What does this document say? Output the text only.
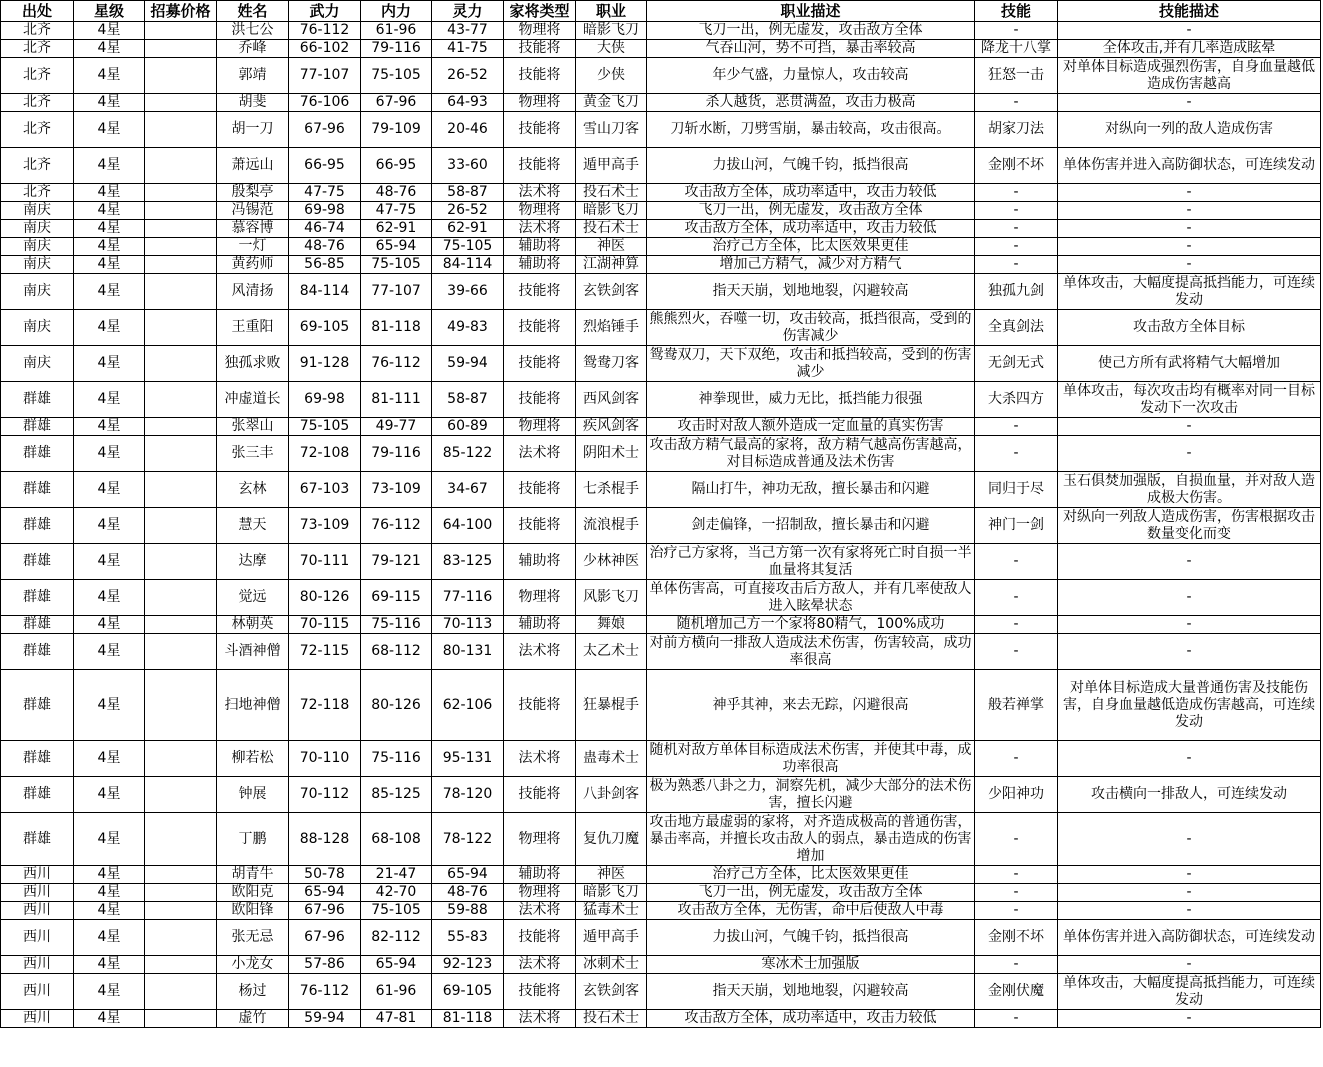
出处	星级	招募价格	姓名	武力	内力	灵力	家将类型	职业	职业描述	技能	技能描述
北齐	4星		洪七公	76-112	61-96	43-77	物理将	暗影飞刀	飞刀一出，例无虚发，攻击敌方全体	-	-
北齐	4星		乔峰	66-102	79-116	41-75	技能将	大侠	气吞山河，势不可挡，暴击率较高	降龙十八掌	全体攻击,并有几率造成眩晕
北齐	4星		郭靖	77-107	75-105	26-52	技能将	少侠	年少气盛，力量惊人，攻击较高	狂怒一击	对单体目标造成强烈伤害，自身血量越低造成伤害越高
北齐	4星		胡斐	76-106	67-96	64-93	物理将	黄金飞刀	杀人越货，恶贯满盈，攻击力极高	-	-
北齐	4星		胡一刀	67-96	79-109	20-46	技能将	雪山刀客	刀斩水断，刀劈雪崩，暴击较高，攻击很高。	胡家刀法	对纵向一列的敌人造成伤害
北齐	4星		萧远山	66-95	66-95	33-60	技能将	遁甲高手	力拔山河，气魄千钧，抵挡很高	金刚不坏	单体伤害并进入高防御状态，可连续发动
北齐	4星		殷梨亭	47-75	48-76	58-87	法术将	投石术士	攻击敌方全体，成功率适中，攻击力较低	-	-
南庆	4星		冯锡范	69-98	47-75	26-52	物理将	暗影飞刀	飞刀一出，例无虚发，攻击敌方全体	-	-
南庆	4星		慕容博	46-74	62-91	62-91	法术将	投石术士	攻击敌方全体，成功率适中，攻击力较低	-	-
南庆	4星		一灯	48-76	65-94	75-105	辅助将	神医	治疗己方全体，比太医效果更佳	-	-
南庆	4星		黄药师	56-85	75-105	84-114	辅助将	江湖神算	增加己方精气，减少对方精气	-	-
南庆	4星		风清扬	84-114	77-107	39-66	技能将	玄铁剑客	指天天崩，划地地裂，闪避较高	独孤九剑	单体攻击，大幅度提高抵挡能力，可连续发动
南庆	4星		王重阳	69-105	81-118	49-83	技能将	烈焰锤手	熊熊烈火，吞噬一切，攻击较高，抵挡很高，受到的伤害减少	全真剑法	攻击敌方全体目标
南庆	4星		独孤求败	91-128	76-112	59-94	技能将	鸳鸯刀客	鸳鸯双刀，天下双绝，攻击和抵挡较高，受到的伤害减少	无剑无式	使己方所有武将精气大幅增加
群雄	4星		冲虚道长	69-98	81-111	58-87	技能将	西风剑客	神拳现世，威力无比，抵挡能力很强	大杀四方	单体攻击，每次攻击均有概率对同一目标发动下一次攻击
群雄	4星		张翠山	75-105	49-77	60-89	物理将	疾风剑客	攻击时对敌人额外造成一定血量的真实伤害	-	-
群雄	4星		张三丰	72-108	79-116	85-122	法术将	阴阳术士	攻击敌方精气最高的家将，敌方精气越高伤害越高，对目标造成普通及法术伤害	-	-
群雄	4星		玄林	67-103	73-109	34-67	技能将	七杀棍手	隔山打牛，神功无敌，擅长暴击和闪避	同归于尽	玉石俱焚加强版，自损血量，并对敌人造成极大伤害。
群雄	4星		慧天	73-109	76-112	64-100	技能将	流浪棍手	剑走偏锋，一招制敌，擅长暴击和闪避	神门一剑	对纵向一列敌人造成伤害，伤害根据攻击数量变化而变
群雄	4星		达摩	70-111	79-121	83-125	辅助将	少林神医	治疗己方家将，当己方第一次有家将死亡时自损一半血量将其复活	-	-
群雄	4星		觉远	80-126	69-115	77-116	物理将	风影飞刀	单体伤害高，可直接攻击后方敌人，并有几率使敌人进入眩晕状态	-	-
群雄	4星		林朝英	70-115	75-116	70-113	辅助将	舞娘	随机增加己方一个家将80精气，100%成功	-	-
群雄	4星		斗酒神僧	72-115	68-112	80-131	法术将	太乙术士	对前方横向一排敌人造成法术伤害，伤害较高，成功率很高	-	-
群雄	4星		扫地神僧	72-118	80-126	62-106	技能将	狂暴棍手	神乎其神，来去无踪，闪避很高	般若禅掌	对单体目标造成大量普通伤害及技能伤害，自身血量越低造成伤害越高，可连续发动
群雄	4星		柳若松	70-110	75-116	95-131	法术将	蛊毒术士	随机对敌方单体目标造成法术伤害，并使其中毒，成功率很高	-	-
群雄	4星		钟展	70-112	85-125	78-120	技能将	八卦剑客	极为熟悉八卦之力，洞察先机，减少大部分的法术伤害，擅长闪避	少阳神功	攻击横向一排敌人，可连续发动
群雄	4星		丁鹏	88-128	68-108	78-122	物理将	复仇刀魔	攻击地方最虚弱的家将，对齐造成极高的普通伤害，暴击率高，并擅长攻击敌人的弱点，暴击造成的伤害增加	-	-
西川	4星		胡青牛	50-78	21-47	65-94	辅助将	神医	治疗己方全体，比太医效果更佳	-	-
西川	4星		欧阳克	65-94	42-70	48-76	物理将	暗影飞刀	飞刀一出，例无虚发，攻击敌方全体	-	-
西川	4星		欧阳锋	67-96	75-105	59-88	法术将	猛毒术士	攻击敌方全体，无伤害，命中后使敌人中毒	-	-
西川	4星		张无忌	67-96	82-112	55-83	技能将	遁甲高手	力拔山河，气魄千钧，抵挡很高	金刚不坏	单体伤害并进入高防御状态，可连续发动
西川	4星		小龙女	57-86	65-94	92-123	法术将	冰刺术士	寒冰术士加强版	-	-
西川	4星		杨过	76-112	61-96	69-105	技能将	玄铁剑客	指天天崩，划地地裂，闪避较高	金刚伏魔	单体攻击，大幅度提高抵挡能力，可连续发动
西川	4星		虚竹	59-94	47-81	81-118	法术将	投石术士	攻击敌方全体，成功率适中，攻击力较低	-	-
